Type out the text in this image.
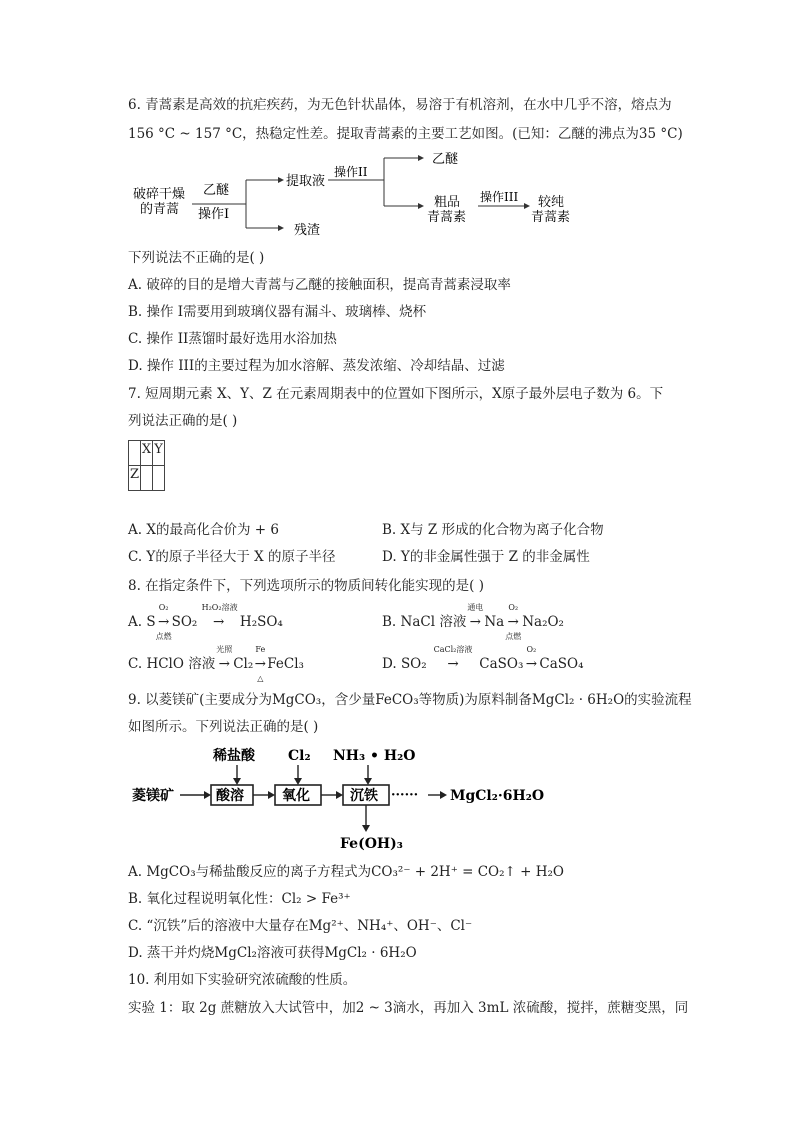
6. 青蒿素是高效的抗疟疾药，为无色针状晶体，易溶于有机溶剂，在水中几乎不溶，熔点为
156 °C ~ 157 °C，热稳定性差。提取青蒿素的主要工艺如图。(已知：乙醚的沸点为35 °C)
破碎干燥
的青蒿
乙醚
操作I
提取液
残渣
操作II
乙醚
粗品
青蒿素
操作III 较纯
青蒿素
下列说法不正确的是( )
A. 破碎的目的是增大青蒿与乙醚的接触面积，提高青蒿素浸取率
B. 操作 I需要用到玻璃仪器有漏斗、玻璃棒、烧杯
C. 操作 II蒸馏时最好选用水浴加热
D. 操作 III的主要过程为加水溶解、蒸发浓缩、冷却结晶、过滤
7. 短周期元素 X、Y、Z 在元素周期表中的位置如下图所示，X原子最外层电子数为 6。下
列说法正确的是( )
	X	Y
Z		
A. X的最高化合价为 + 6	B. X与 Z 形成的化合物为离子化合物
C. Y的原子半径大于 X 的原子半径	D. Y的非金属性强于 Z 的非金属性
8. 在指定条件下，下列选项所示的物质间转化能实现的是( )
A. S
O₂
→
点燃
SO₂
H₂O₂溶液
→ H₂SO₄	B. NaCl 溶液
通电
→ Na
O₂
→
点燃
Na₂O₂
C. HClO 溶液
光照
→ Cl₂
Fe
→
△
FeCl₃	D. SO₂
CaCl₂溶液
→ CaSO₃
O₂
→ CaSO₄
9. 以菱镁矿(主要成分为MgCO₃，含少量FeCO₃等物质)为原料制备MgCl₂ · 6H₂O的实验流程
如图所示。下列说法正确的是( )
稀盐酸 Cl₂ NH₃ • H₂O
菱镁矿	MgCl₂·6H₂O
Fe(OH)₃
酸溶	氧化	沉铁 ······
A. MgCO₃与稀盐酸反应的离子方程式为CO₃²⁻ + 2H⁺ = CO₂↑ + H₂O
B. 氧化过程说明氧化性：Cl₂ > Fe³⁺
C. “沉铁”后的溶液中大量存在Mg²⁺、NH₄⁺、OH⁻、Cl⁻
D. 蒸干并灼烧MgCl₂溶液可获得MgCl₂ · 6H₂O
10. 利用如下实验研究浓硫酸的性质。
实验 1：取 2g 蔗糖放入大试管中，加2 ~ 3滴水，再加入 3mL 浓硫酸，搅拌，蔗糖变黑，同
